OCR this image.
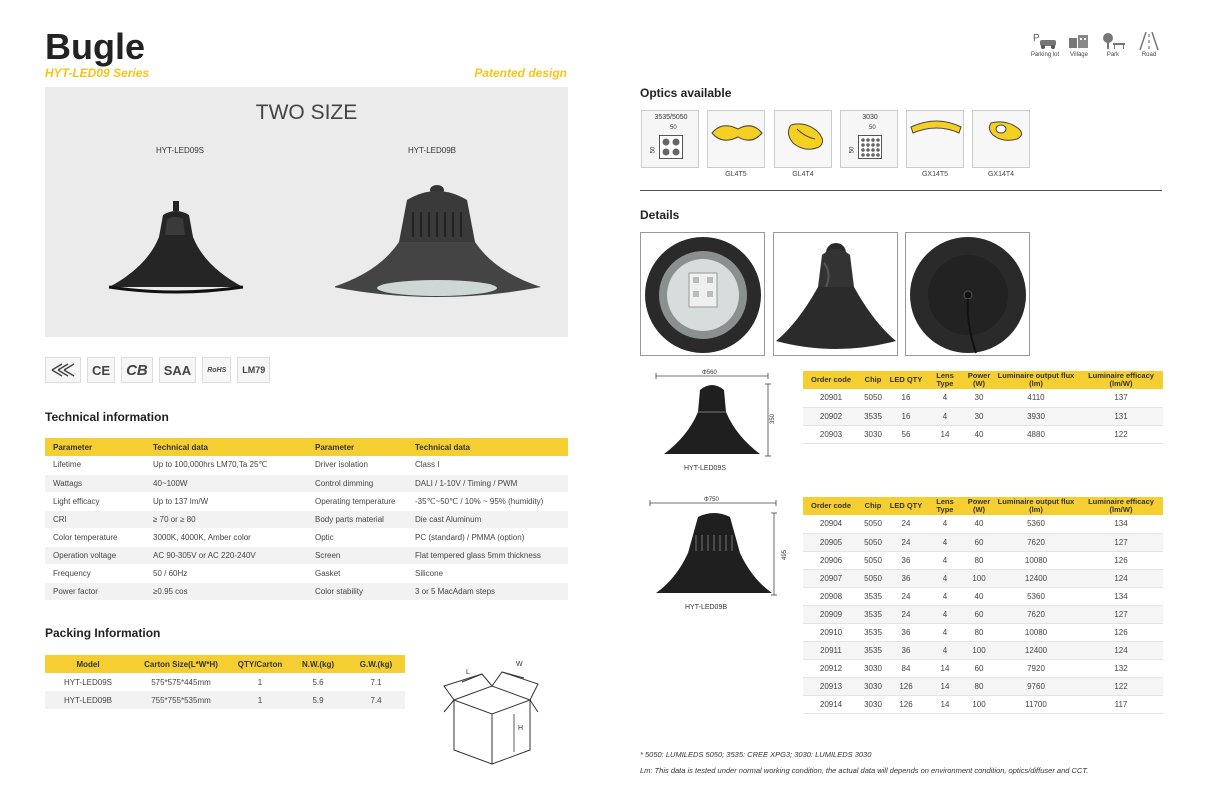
Bugle
HYT-LED09 Series	Patented design
P
Parking lot	Village	Park	Road
TWO SIZE
HYT-LED09S	HYT-LED09B
CE	CB	SAA	RoHS	LM79
Technical information
Parameter	Technical data	Parameter	Technical data
Lifetime	Up to 100,000hrs LM70,Ta 25℃	Driver isolation	Class I
Wattags	40~100W	Control dimming	DALI / 1-10V / Timing / PWM
Light efficacy	Up to 137 lm/W	Operating temperature	-35℃~50℃ / 10% ~ 95% (humidity)
CRI	≥ 70 or ≥ 80	Body parts material	Die cast Aluminum
Color temperature	3000K, 4000K, Amber color	Optic	PC (standard) / PMMA (option)
Operation voltage	AC 90-305V or AC 220-240V	Screen	Flat tempered glass 5mm thickness
Frequency	50 / 60Hz	Gasket	Silicone
Power factor	≥0.95 cos	Color stability	3 or 5 MacAdam steps
Packing Information
Model	Carton Size(L*W*H)	QTY/Carton	N.W.(kg)	G.W.(kg)
HYT-LED09S	575*575*445mm	1	5.6	7.1
HYT-LED09B	755*755*535mm	1	5.9	7.4
L
W
H
Optics available
3535/5050
50
50
GL4T5	GL4T4
3030
50
50
GX14T5	GX14T4
Details
Φ560
350
HYT-LED09S
Φ750
495
HYT-LED09B
Order code	Chip	LED QTY	Lens Type	Power (W)	Luminaire output flux (lm)	Luminaire efficacy (lm/W)
20901	5050	16	4	30	4110	137
20902	3535	16	4	30	3930	131
20903	3030	56	14	40	4880	122
Order code	Chip	LED QTY	Lens Type	Power (W)	Luminaire output flux (lm)	Luminaire efficacy (lm/W)
20904	5050	24	4	40	5360	134
20905	5050	24	4	60	7620	127
20906	5050	36	4	80	10080	126
20907	5050	36	4	100	12400	124
20908	3535	24	4	40	5360	134
20909	3535	24	4	60	7620	127
20910	3535	36	4	80	10080	126
20911	3535	36	4	100	12400	124
20912	3030	84	14	60	7920	132
20913	3030	126	14	80	9760	122
20914	3030	126	14	100	11700	117
* 5050: LUMILEDS 5050; 3535: CREE XPG3; 3030: LUMILEDS 3030
Lm: This data is tested under normal working condition, the actual data will depends on environment condition, optics/diffuser and CCT.
